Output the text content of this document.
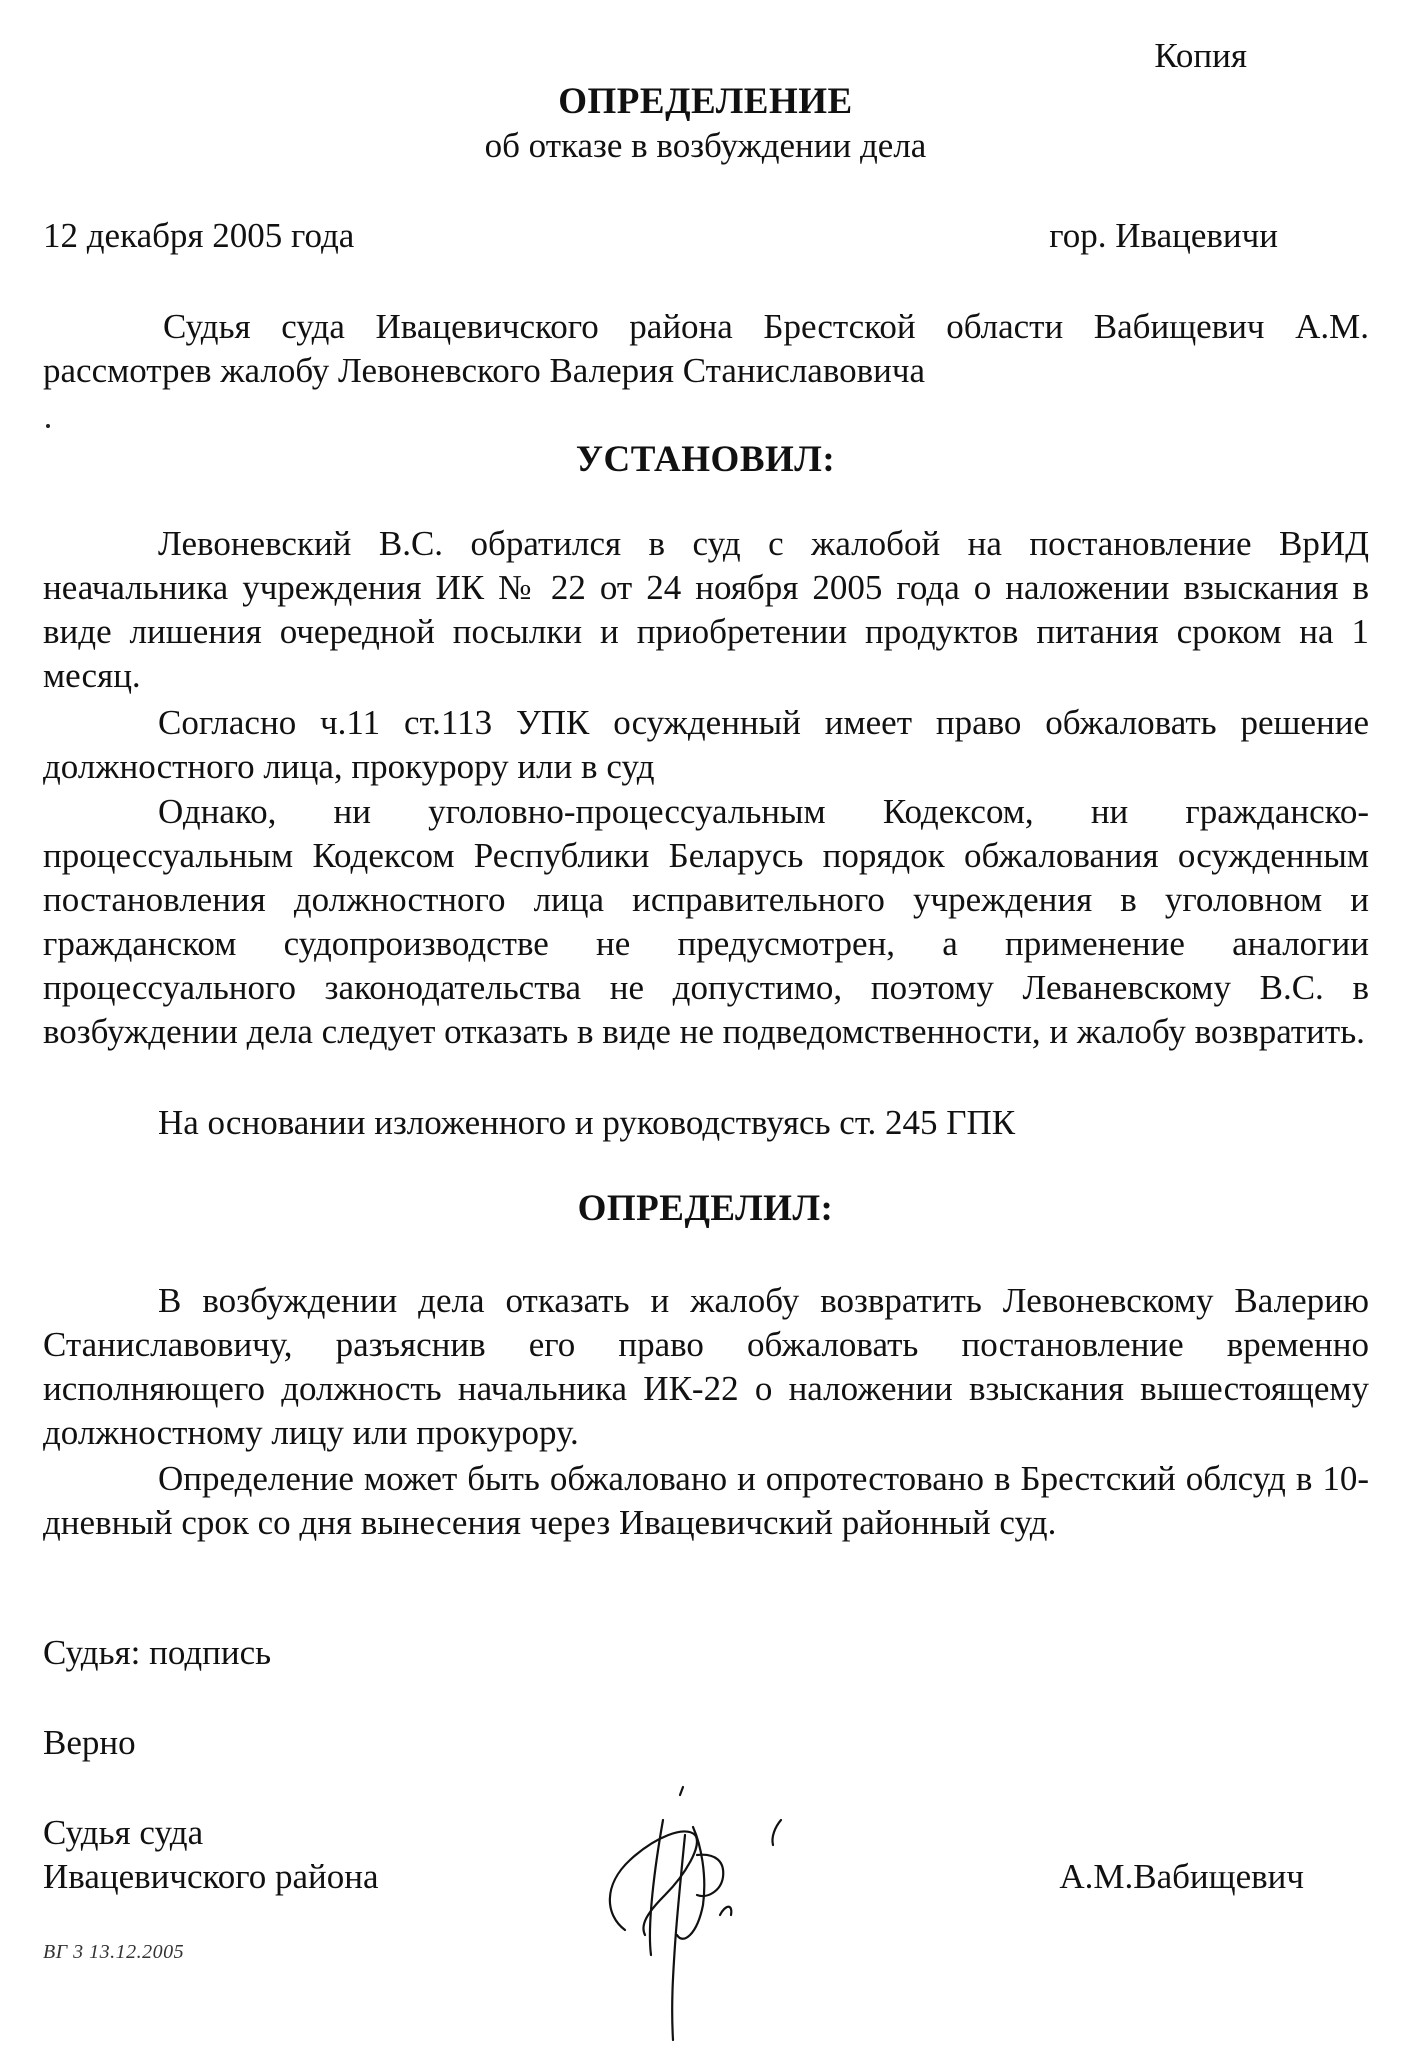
Копия
ОПРЕДЕЛЕНИЕ
об отказе в возбуждении дела
12 декабря 2005 года	гор. Ивацевичи

Судья суда Ивацевичского района Брестской области Вабищевич А.М. рассмотрев жалобу Левоневского Валерия Станиславовича

УСТАНОВИЛ:

Левоневский В.С. обратился в суд с жалобой на постановление ВрИД неачальника учреждения ИК № 22 от 24 ноября 2005 года о наложении взыскания в виде лишения очередной посылки и приобретении продуктов питания сроком на 1 месяц.

Согласно ч.11 ст.113 УПК осужденный имеет право обжаловать решение должностного лица, прокурору или в суд

Однако, ни уголовно-процессуальным Кодексом, ни гражданско-процессуальным Кодексом Республики Беларусь порядок обжалования осужденным постановления должностного лица исправительного учреждения в уголовном и гражданском судопроизводстве не предусмотрен, а применение аналогии процессуального законодательства не допустимо, поэтому Леваневскому В.С. в возбуждении дела следует отказать в виде не подведомственности, и жалобу возвратить.

На основании изложенного и руководствуясь ст. 245 ГПК

ОПРЕДЕЛИЛ:

В возбуждении дела отказать и жалобу возвратить Левоневскому Валерию Станиславовичу, разъяснив его право обжаловать постановление временно исполняющего должность начальника ИК-22 о наложении взыскания вышестоящему должностному лицу или прокурору.

Определение может быть обжаловано и опротестовано в Брестский облсуд в 10-дневный срок со дня вынесения через Ивацевичский районный суд.

Судья: подпись
Верно
Судья суда
Ивацевичского района	А.М.Вабищевич
ВГ 3 13.12.2005
